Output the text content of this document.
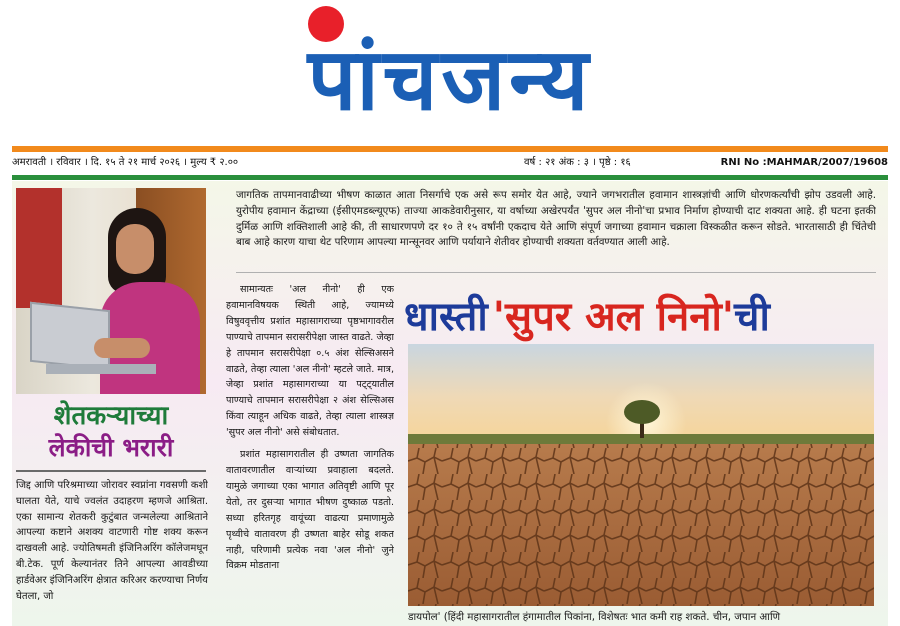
पांचजन्य
अमरावती । रविवार । दि. १५ ते २१ मार्च २०२६ । मुल्य ₹ २.००	वर्ष : २१ अंक : ३ । पृष्ठे : १६	RNI No :MAHMAR/2007/19608
शेतकऱ्याच्या
लेकीची भरारी
जिद्द आणि परिश्रमाच्या जोरावर स्वप्नांना गवसणी कशी घालता येते, याचे ज्वलंत उदाहरण म्हणजे आश्रिता. एका सामान्य शेतकरी कुटुंबात जन्मलेल्या आश्रिताने आपल्या कष्टाने अशक्य वाटणारी गोष्ट शक्य करून दाखवली आहे. ज्योतिषमती इंजिनिअरिंग कॉलेजमधून बी.टेक. पूर्ण केल्यानंतर तिने आपल्या आवडीच्या हार्डवेअर इंजिनिअरिंग क्षेत्रात करिअर करण्याचा निर्णय घेतला, जो
जागतिक तापमानवाढीच्या भीषण काळात आता निसर्गाचे एक असे रूप समोर येत आहे, ज्याने जगभरातील हवामान शास्त्रज्ञांची आणि धोरणकर्त्यांची झोप उडवली आहे. युरोपीय हवामान केंद्राच्या (ईसीएमडब्ल्यूएफ) ताज्या आकडेवारीनुसार, या वर्षाच्या अखेरपर्यंत 'सुपर अल नीनो'चा प्रभाव निर्माण होण्याची दाट शक्यता आहे. ही घटना इतकी दुर्मिळ आणि शक्तिशाली आहे की, ती साधारणपणे दर १० ते १५ वर्षांनी एकदाच येते आणि संपूर्ण जगाच्या हवामान चक्राला विस्कळीत करून सोडते. भारतासाठी ही चिंतेची बाब आहे कारण याचा थेट परिणाम आपल्या मान्सूनवर आणि पर्यायाने शेतीवर होण्याची शक्यता वर्तवण्यात आली आहे.

सामान्यतः 'अल नीनो' ही एक हवामानविषयक स्थिती आहे, ज्यामध्ये विषुववृत्तीय प्रशांत महासागराच्या पृष्ठभागावरील पाण्याचे तापमान सरासरीपेक्षा जास्त वाढते. जेव्हा हे तापमान सरासरीपेक्षा ०.५ अंश सेल्सिअसने वाढते, तेव्हा त्याला 'अल नीनो' म्हटले जाते. मात्र, जेव्हा प्रशांत महासागराच्या या पट्ट्यातील पाण्याचे तापमान सरासरीपेक्षा २ अंश सेल्सिअस किंवा त्याहून अधिक वाढते, तेव्हा त्याला शास्त्रज्ञ 'सुपर अल नीनो' असे संबोधतात.

प्रशांत महासागरातील ही उष्णता जागतिक वातावरणातील वाऱ्यांच्या प्रवाहाला बदलते. यामुळे जगाच्या एका भागात अतिवृष्टी आणि पूर येतो, तर दुसऱ्या भागात भीषण दुष्काळ पडतो. सध्या हरितगृह वायूंच्या वाढत्या प्रमाणामुळे पृथ्वीचे वातावरण ही उष्णता बाहेर सोडू शकत नाही, परिणामी प्रत्येक नवा 'अल नीनो' जुने विक्रम मोडताना

धास्ती 'सुपर अल निनो'ची
डायपोल' (हिंदी महासागरातील हंगामातील पिकांना, विशेषतः भात कमी राह शकते. चीन, जपान आणि
